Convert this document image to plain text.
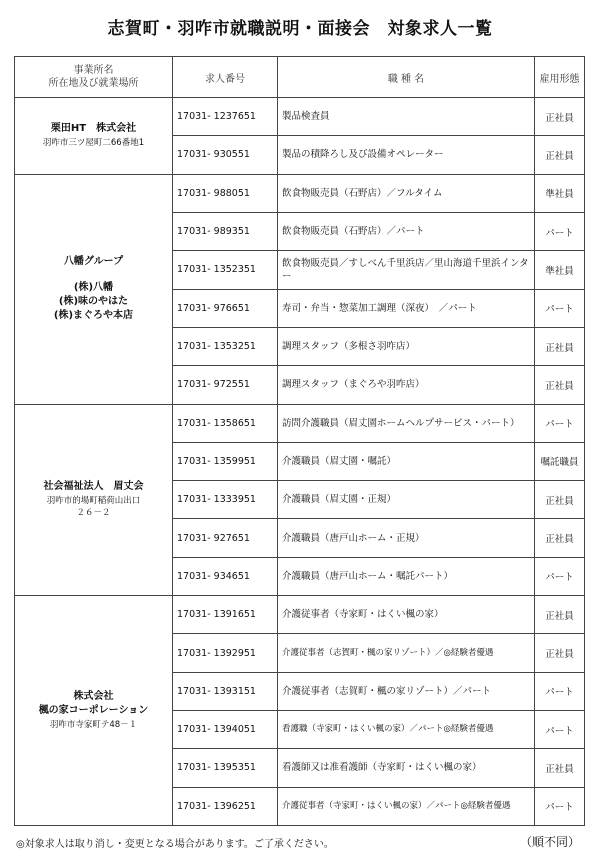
志賀町・羽咋市就職説明・面接会　対象求人一覧
事業所名
所在地及び就業場所	求人番号	職 種 名	雇用形態

栗田HT　株式会社
羽咋市三ツ屋町二66番地1	17031- 1237651	製品検査員	正社員
	17031- 930551	製品の積降ろし及び設備オペレーター	正社員

八幡グループ
(株)八幡
(株)味のやはた
(株)まぐろや本店	17031- 988051	飲食物販売員（石野店）／フルタイム	準社員
	17031- 989351	飲食物販売員（石野店）／パート	パート
	17031- 1352351	飲食物販売員／すしべん千里浜店／里山海道千里浜インター	準社員
	17031- 976651	寿司・弁当・惣菜加工調理（深夜）　／パート	パート
	17031- 1353251	調理スタッフ（多根さ羽咋店）	正社員
	17031- 972551	調理スタッフ（まぐろや羽咋店）	正社員

社会福祉法人　眉丈会
羽咋市的場町稲荷山出口
２６－２	17031- 1358651	訪問介護職員（眉丈園ホームヘルプサービス・パート）	パート
	17031- 1359951	介護職員（眉丈園・嘱託）	嘱託職員
	17031- 1333951	介護職員（眉丈園・正規）	正社員
	17031- 927651	介護職員（唐戸山ホーム・正規）	正社員
	17031- 934651	介護職員（唐戸山ホーム・嘱託パート）	パート

株式会社
楓の家コーポレーション
羽咋市寺家町テ48－１	17031- 1391651	介護従事者（寺家町・はくい楓の家）	正社員
	17031- 1392951	介護従事者（志賀町・楓の家リゾート）／◎経験者優遇	正社員
	17031- 1393151	介護従事者（志賀町・楓の家リゾート）／パート	パート
	17031- 1394051	看護職（寺家町・はくい楓の家）／パート◎経験者優遇	パート
	17031- 1395351	看護師又は准看護師（寺家町・はくい楓の家）	正社員
	17031- 1396251	介護従事者（寺家町・はくい楓の家）／パート◎経験者優遇	パート
◎対象求人は取り消し・変更となる場合があります。ご了承ください。	（順不同）
